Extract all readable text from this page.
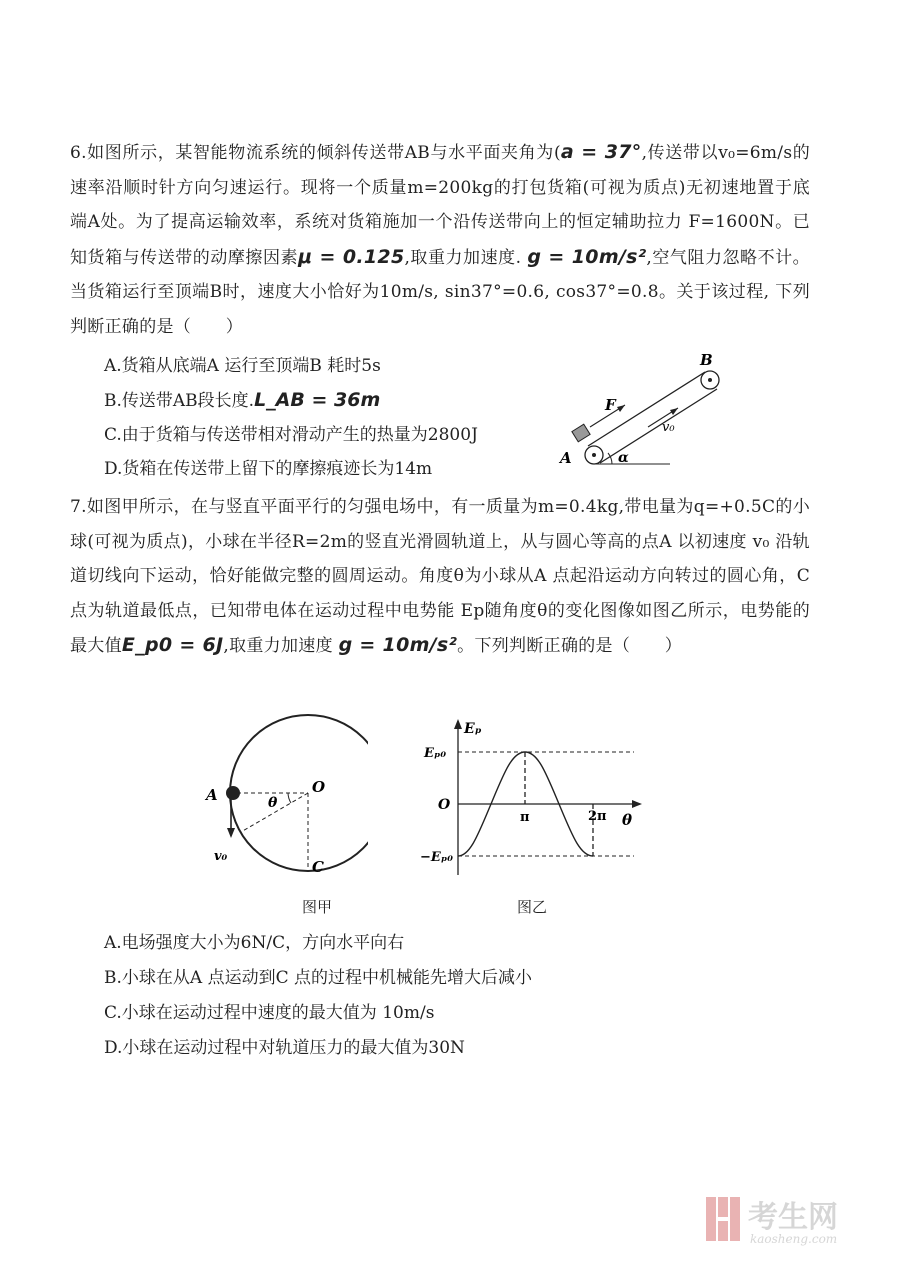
6.如图所示，某智能物流系统的倾斜传送带AB与水平面夹角为(a = 37°,传送带以v₀=6m/s的速率沿顺时针方向匀速运行。现将一个质量m=200kg的打包货箱(可视为质点)无初速地置于底端A处。为了提高运输效率，系统对货箱施加一个沿传送带向上的恒定辅助拉力 F=1600N。已知货箱与传送带的动摩擦因素μ = 0.125,取重力加速度. g = 10m/s²,空气阻力忽略不计。当货箱运行至顶端B时，速度大小恰好为10m/s, sin37°=0.6, cos37°=0.8。关于该过程, 下列判断正确的是（　　）
A.货箱从底端A 运行至顶端B 耗时5s
B.传送带AB段长度.L_AB = 36m
C.由于货箱与传送带相对滑动产生的热量为2800J
D.货箱在传送带上留下的摩擦痕迹长为14m
A
B
F
v₀
α
7.如图甲所示，在与竖直平面平行的匀强电场中，有一质量为m=0.4kg,带电量为q=+0.5C的小球(可视为质点)，小球在半径R=2m的竖直光滑圆轨道上，从与圆心等高的点A 以初速度 v₀ 沿轨道切线向下运动，恰好能做完整的圆周运动。角度θ为小球从A 点起沿运动方向转过的圆心角，C点为轨道最低点，已知带电体在运动过程中电势能 Ep随角度θ的变化图像如图乙所示，电势能的最大值E_p0 = 6J,取重力加速度 g = 10m/s²。下列判断正确的是（　　）
A	O
C
θ
v₀
图甲
Eₚ
Eₚ₀
−Eₚ₀
O
π	2π θ
图乙
A.电场强度大小为6N/C，方向水平向右
B.小球在从A 点运动到C 点的过程中机械能先增大后减小
C.小球在运动过程中速度的最大值为 10m/s
D.小球在运动过程中对轨道压力的最大值为30N
考生网
kaosheng.com
